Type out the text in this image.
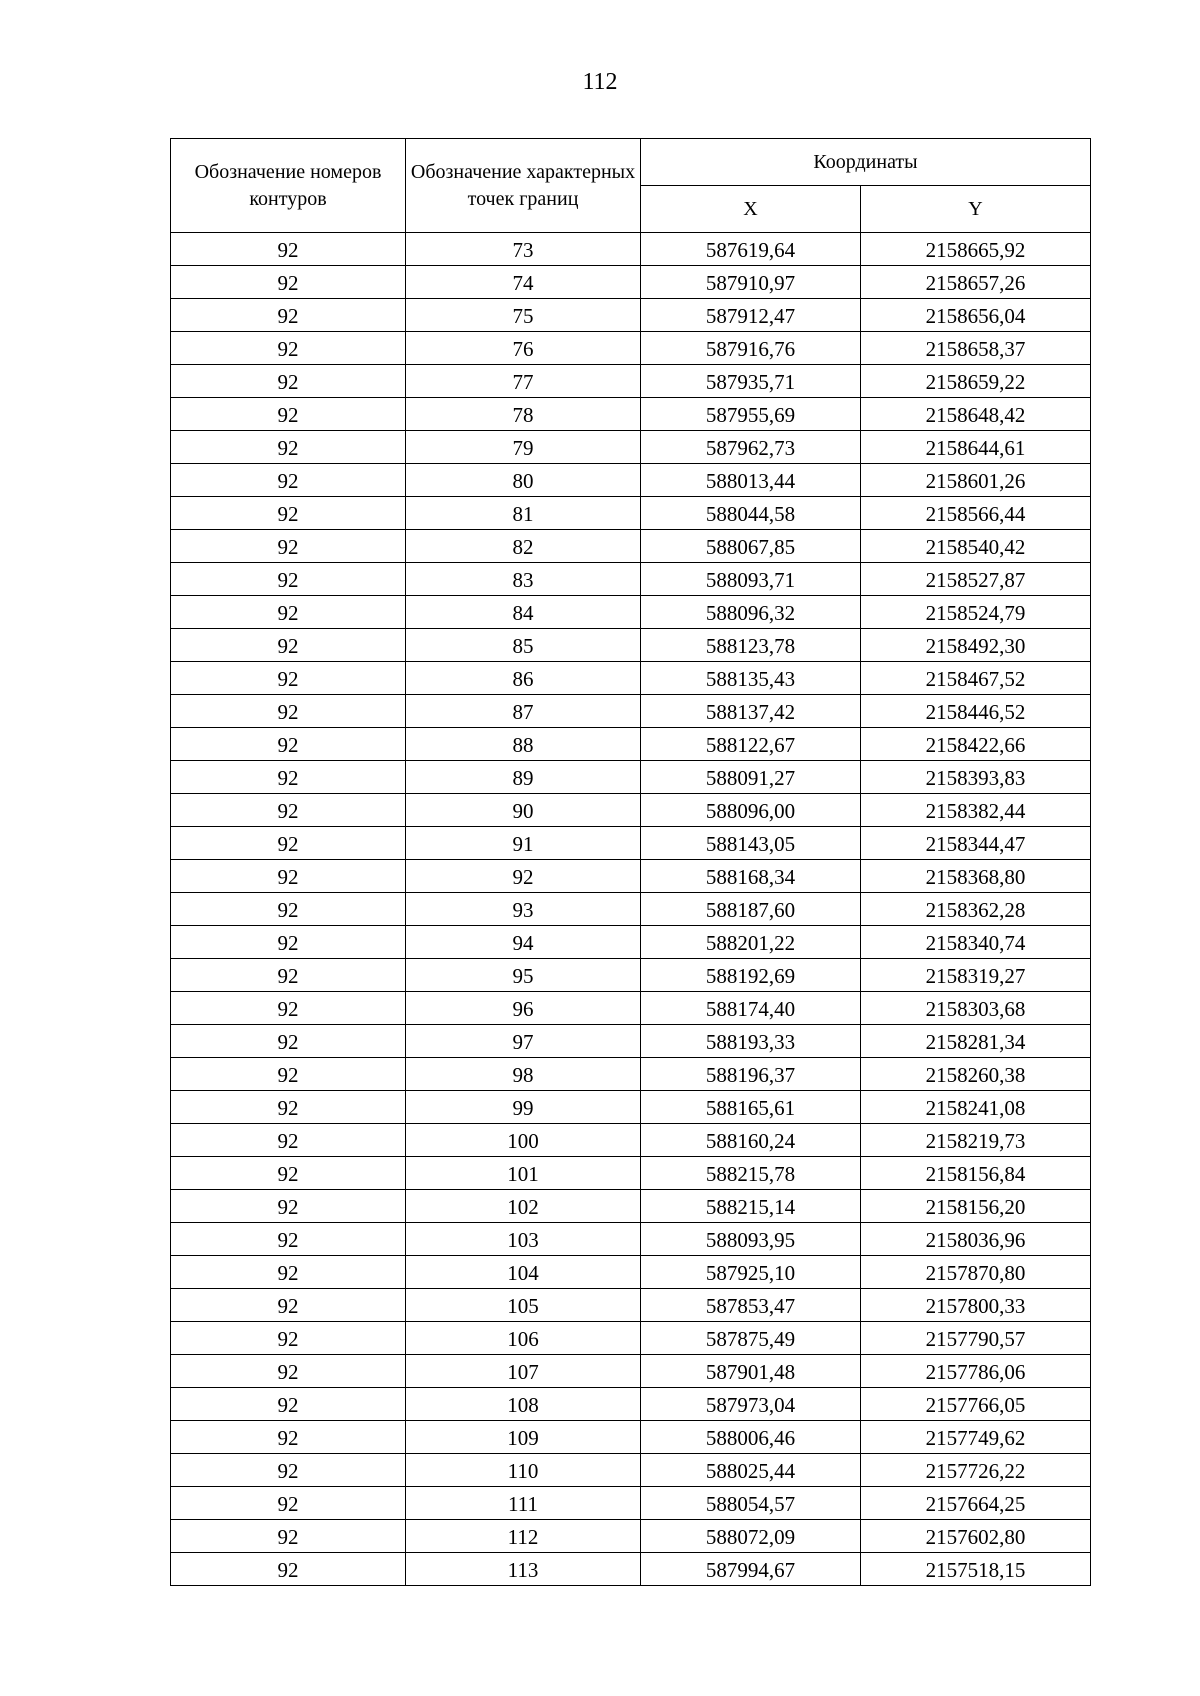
112
Обозначение номеров контуров	Обозначение характерных точек границ	Координаты	
		X	Y
92	73	587619,64	2158665,92
92	74	587910,97	2158657,26
92	75	587912,47	2158656,04
92	76	587916,76	2158658,37
92	77	587935,71	2158659,22
92	78	587955,69	2158648,42
92	79	587962,73	2158644,61
92	80	588013,44	2158601,26
92	81	588044,58	2158566,44
92	82	588067,85	2158540,42
92	83	588093,71	2158527,87
92	84	588096,32	2158524,79
92	85	588123,78	2158492,30
92	86	588135,43	2158467,52
92	87	588137,42	2158446,52
92	88	588122,67	2158422,66
92	89	588091,27	2158393,83
92	90	588096,00	2158382,44
92	91	588143,05	2158344,47
92	92	588168,34	2158368,80
92	93	588187,60	2158362,28
92	94	588201,22	2158340,74
92	95	588192,69	2158319,27
92	96	588174,40	2158303,68
92	97	588193,33	2158281,34
92	98	588196,37	2158260,38
92	99	588165,61	2158241,08
92	100	588160,24	2158219,73
92	101	588215,78	2158156,84
92	102	588215,14	2158156,20
92	103	588093,95	2158036,96
92	104	587925,10	2157870,80
92	105	587853,47	2157800,33
92	106	587875,49	2157790,57
92	107	587901,48	2157786,06
92	108	587973,04	2157766,05
92	109	588006,46	2157749,62
92	110	588025,44	2157726,22
92	111	588054,57	2157664,25
92	112	588072,09	2157602,80
92	113	587994,67	2157518,15
